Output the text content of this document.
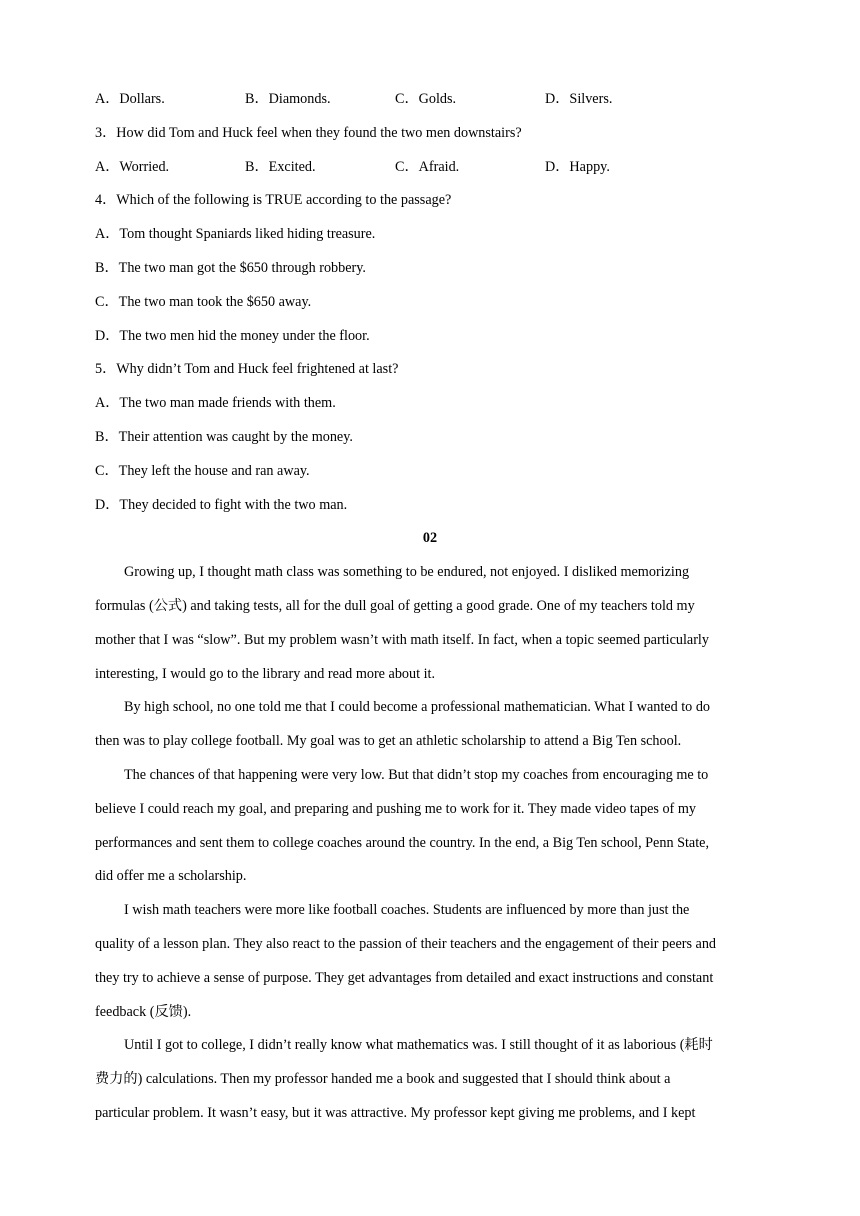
A．Dollars.	B．Diamonds.	C．Golds.	D．Silvers.
3．How did Tom and Huck feel when they found the two men downstairs?
A．Worried.	B．Excited.	C．Afraid.	D．Happy.
4．Which of the following is TRUE according to the passage?
A．Tom thought Spaniards liked hiding treasure.
B．The two man got the $650 through robbery.
C．The two man took the $650 away.
D．The two men hid the money under the floor.
5．Why didn’t Tom and Huck feel frightened at last?
A．The two man made friends with them.
B．Their attention was caught by the money.
C．They left the house and ran away.
D．They decided to fight with the two man.
02
Growing up, I thought math class was something to be endured, not enjoyed. I disliked memorizing
formulas (公式) and taking tests, all for the dull goal of getting a good grade. One of my teachers told my
mother that I was “slow”. But my problem wasn’t with math itself. In fact, when a topic seemed particularly
interesting, I would go to the library and read more about it.
By high school, no one told me that I could become a professional mathematician. What I wanted to do
then was to play college football. My goal was to get an athletic scholarship to attend a Big Ten school.
The chances of that happening were very low. But that didn’t stop my coaches from encouraging me to
believe I could reach my goal, and preparing and pushing me to work for it. They made video tapes of my
performances and sent them to college coaches around the country. In the end, a Big Ten school, Penn State,
did offer me a scholarship.
I wish math teachers were more like football coaches. Students are influenced by more than just the
quality of a lesson plan. They also react to the passion of their teachers and the engagement of their peers and
they try to achieve a sense of purpose. They get advantages from detailed and exact instructions and constant
feedback (反馈).
Until I got to college, I didn’t really know what mathematics was. I still thought of it as laborious (耗时
费力的) calculations. Then my professor handed me a book and suggested that I should think about a
particular problem. It wasn’t easy, but it was attractive. My professor kept giving me problems, and I kept
